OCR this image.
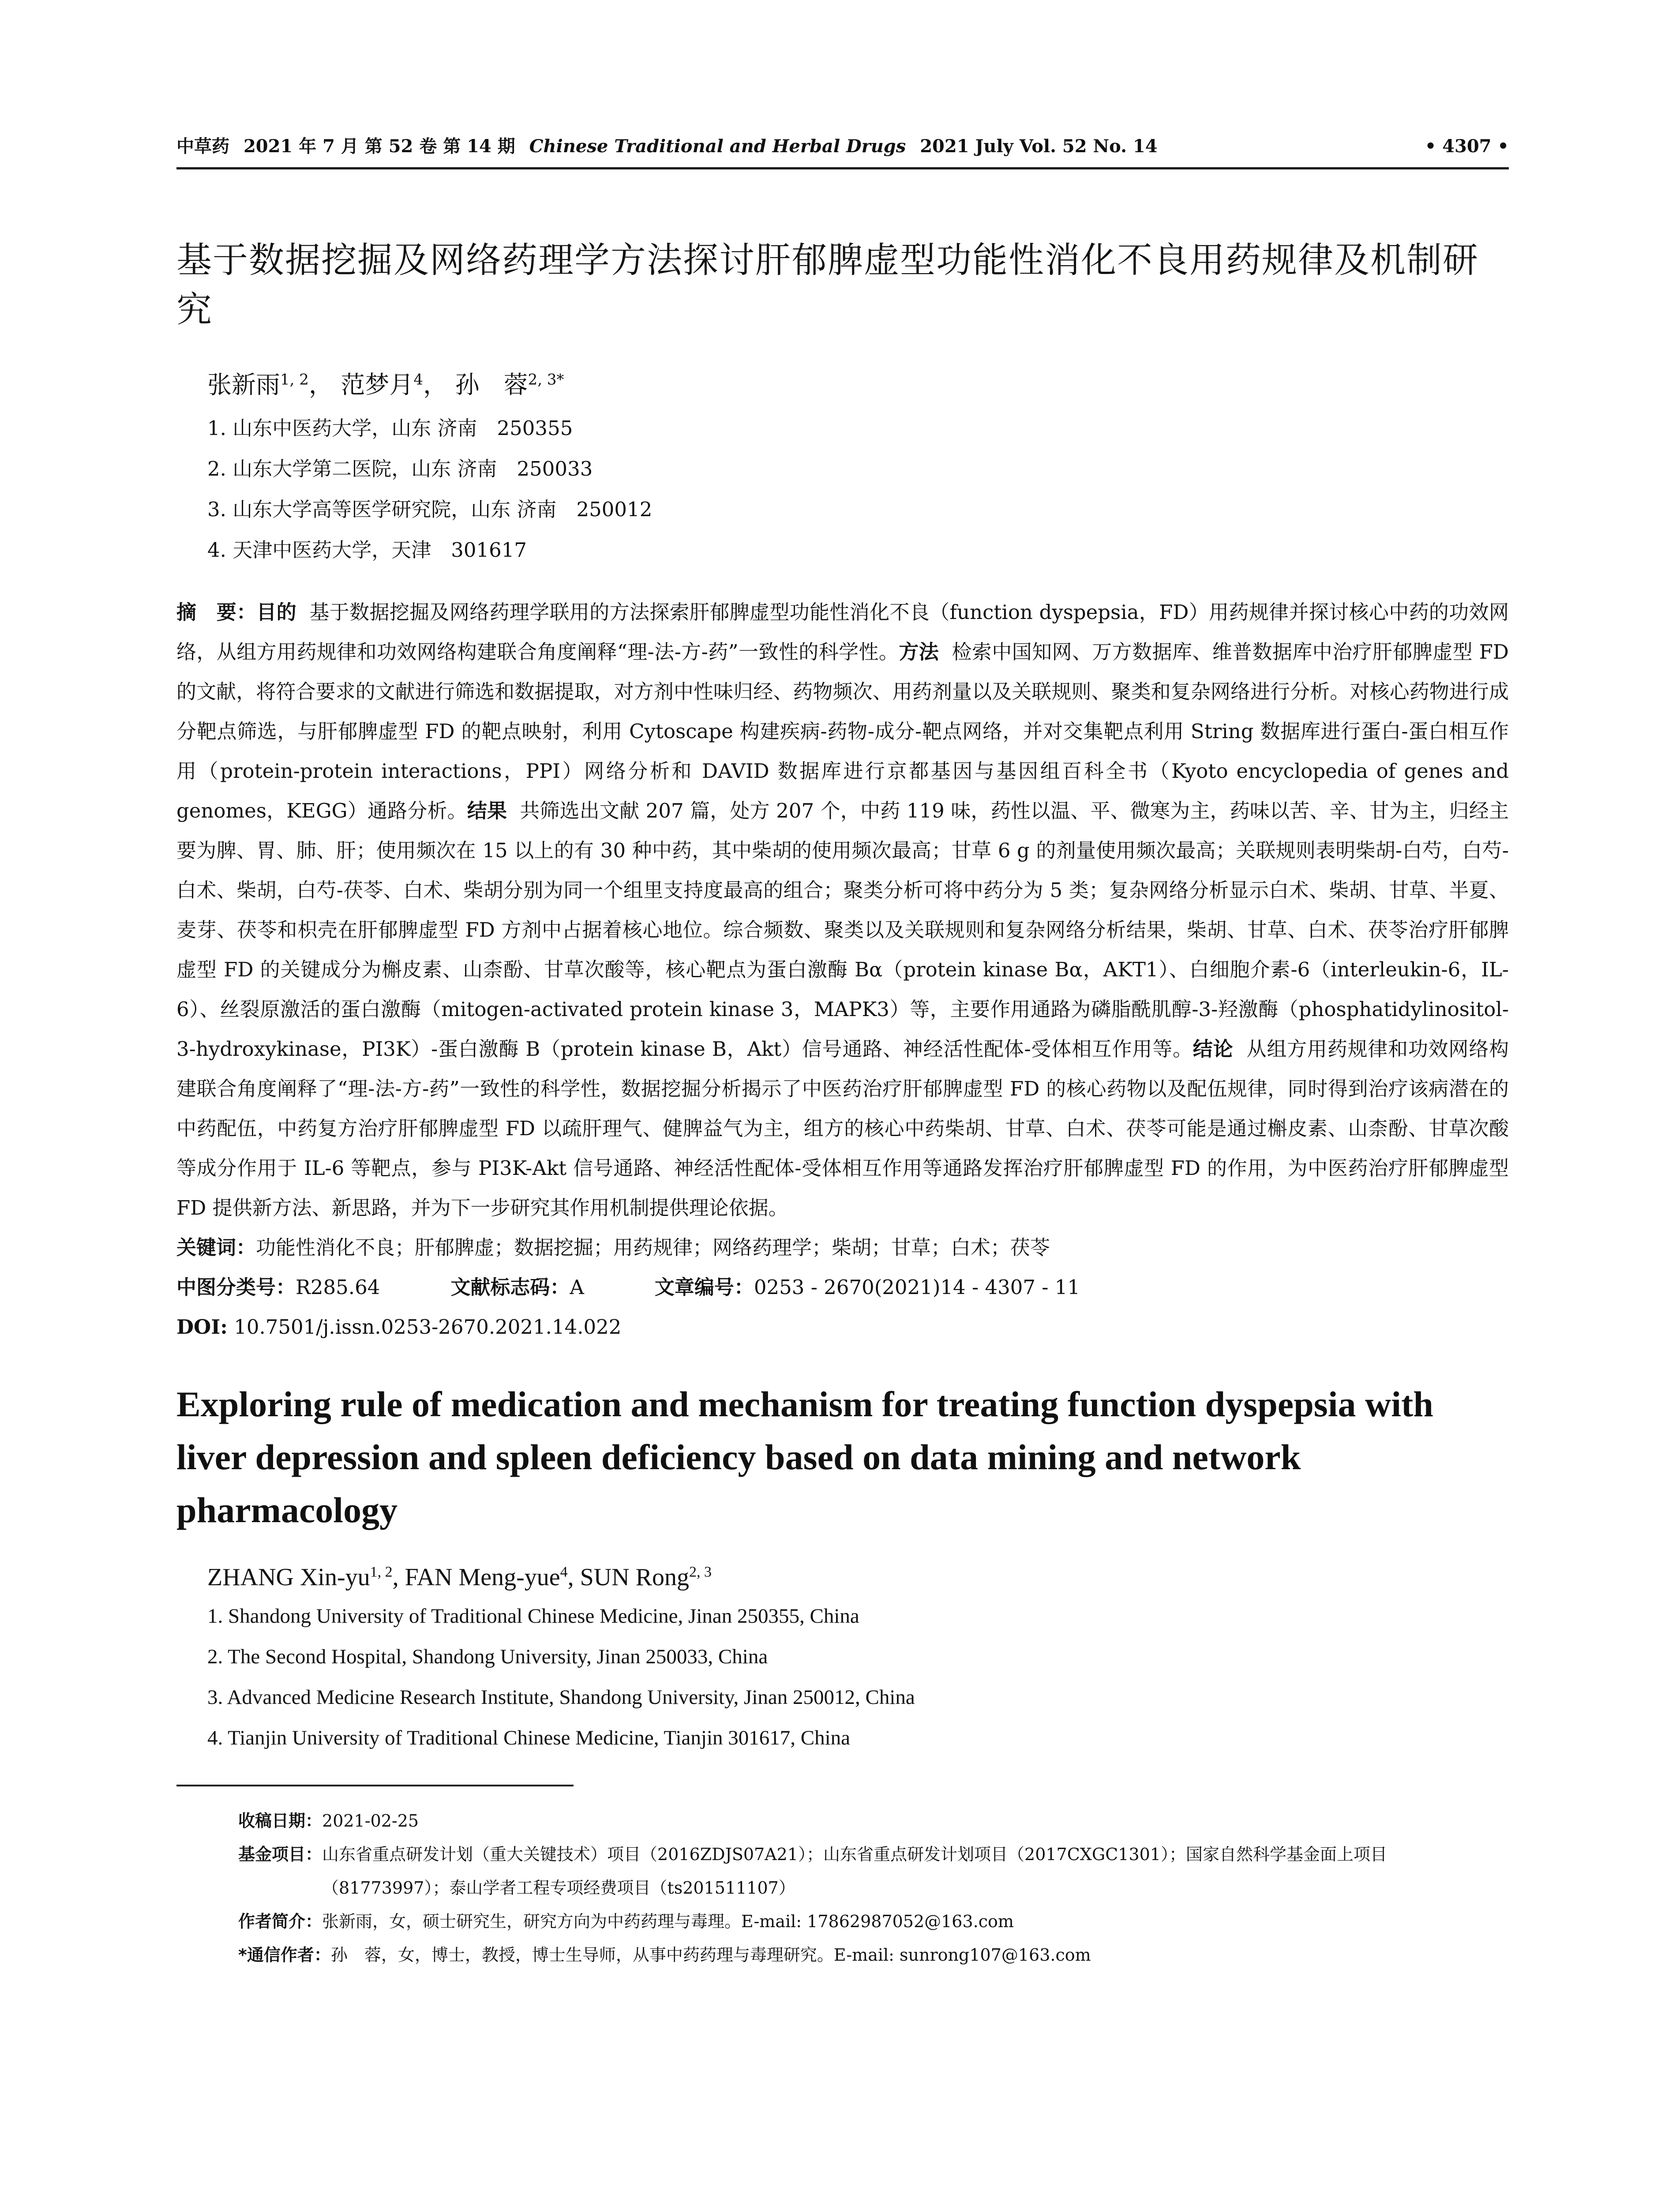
中草药 2021 年 7 月 第 52 卷 第 14 期 Chinese Traditional and Herbal Drugs 2021 July Vol. 52 No. 14	• 4307 •
基于数据挖掘及网络药理学方法探讨肝郁脾虚型功能性消化不良用药规律及机制研究
张新雨$^{1, 2}$， 范梦月$^4$， 孙　蓉$^{2, 3*}$
1. 山东中医药大学，山东 济南　250355
2. 山东大学第二医院，山东 济南　250033
3. 山东大学高等医学研究院，山东 济南　250012
4. 天津中医药大学，天津　301617
摘　要：目的 基于数据挖掘及网络药理学联用的方法探索肝郁脾虚型功能性消化不良（function dyspepsia，FD）用药规律并探讨核心中药的功效网络，从组方用药规律和功效网络构建联合角度阐释“理-法-方-药”一致性的科学性。方法 检索中国知网、万方数据库、维普数据库中治疗肝郁脾虚型 FD 的文献，将符合要求的文献进行筛选和数据提取，对方剂中性味归经、药物频次、用药剂量以及关联规则、聚类和复杂网络进行分析。对核心药物进行成分靶点筛选，与肝郁脾虚型 FD 的靶点映射，利用 Cytoscape 构建疾病-药物-成分-靶点网络，并对交集靶点利用 String 数据库进行蛋白-蛋白相互作用（protein-protein interactions，PPI）网络分析和 DAVID 数据库进行京都基因与基因组百科全书（Kyoto encyclopedia of genes and genomes，KEGG）通路分析。结果 共筛选出文献 207 篇，处方 207 个，中药 119 味，药性以温、平、微寒为主，药味以苦、辛、甘为主，归经主要为脾、胃、肺、肝；使用频次在 15 以上的有 30 种中药，其中柴胡的使用频次最高；甘草 6 g 的剂量使用频次最高；关联规则表明柴胡-白芍，白芍-白术、柴胡，白芍-茯苓、白术、柴胡分别为同一个组里支持度最高的组合；聚类分析可将中药分为 5 类；复杂网络分析显示白术、柴胡、甘草、半夏、麦芽、茯苓和枳壳在肝郁脾虚型 FD 方剂中占据着核心地位。综合频数、聚类以及关联规则和复杂网络分析结果，柴胡、甘草、白术、茯苓治疗肝郁脾虚型 FD 的关键成分为槲皮素、山柰酚、甘草次酸等，核心靶点为蛋白激酶 Bα（protein kinase Bα，AKT1）、白细胞介素-6（interleukin-6，IL-6）、丝裂原激活的蛋白激酶（mitogen-activated protein kinase 3，MAPK3）等，主要作用通路为磷脂酰肌醇-3-羟激酶（phosphatidylinositol-3-hydroxykinase，PI3K）-蛋白激酶 B（protein kinase B，Akt）信号通路、神经活性配体-受体相互作用等。结论 从组方用药规律和功效网络构建联合角度阐释了“理-法-方-药”一致性的科学性，数据挖掘分析揭示了中医药治疗肝郁脾虚型 FD 的核心药物以及配伍规律，同时得到治疗该病潜在的中药配伍，中药复方治疗肝郁脾虚型 FD 以疏肝理气、健脾益气为主，组方的核心中药柴胡、甘草、白术、茯苓可能是通过槲皮素、山柰酚、甘草次酸等成分作用于 IL-6 等靶点，参与 PI3K-Akt 信号通路、神经活性配体-受体相互作用等通路发挥治疗肝郁脾虚型 FD 的作用，为中医药治疗肝郁脾虚型 FD 提供新方法、新思路，并为下一步研究其作用机制提供理论依据。
关键词：功能性消化不良；肝郁脾虚；数据挖掘；用药规律；网络药理学；柴胡；甘草；白术；茯苓
中图分类号：R285.64	文献标志码：A	文章编号：0253 - 2670(2021)14 - 4307 - 11
DOI: 10.7501/j.issn.0253-2670.2021.14.022
Exploring rule of medication and mechanism for treating function dyspepsia with liver depression and spleen deficiency based on data mining and network pharmacology
ZHANG Xin-yu$^{1, 2}$, FAN Meng-yue$^4$, SUN Rong$^{2, 3}$
1. Shandong University of Traditional Chinese Medicine, Jinan 250355, China
2. The Second Hospital, Shandong University, Jinan 250033, China
3. Advanced Medicine Research Institute, Shandong University, Jinan 250012, China
4. Tianjin University of Traditional Chinese Medicine, Tianjin 301617, China
收稿日期： 2021-02-25
基金项目： 山东省重点研发计划（重大关键技术）项目（2016ZDJS07A21）；山东省重点研发计划项目（2017CXGC1301）；国家自然科学基金面上项目（81773997）；泰山学者工程专项经费项目（ts201511107）
作者简介： 张新雨，女，硕士研究生，研究方向为中药药理与毒理。E-mail: 17862987052@163.com
*通信作者： 孙　蓉，女，博士，教授，博士生导师，从事中药药理与毒理研究。E-mail: sunrong107@163.com
